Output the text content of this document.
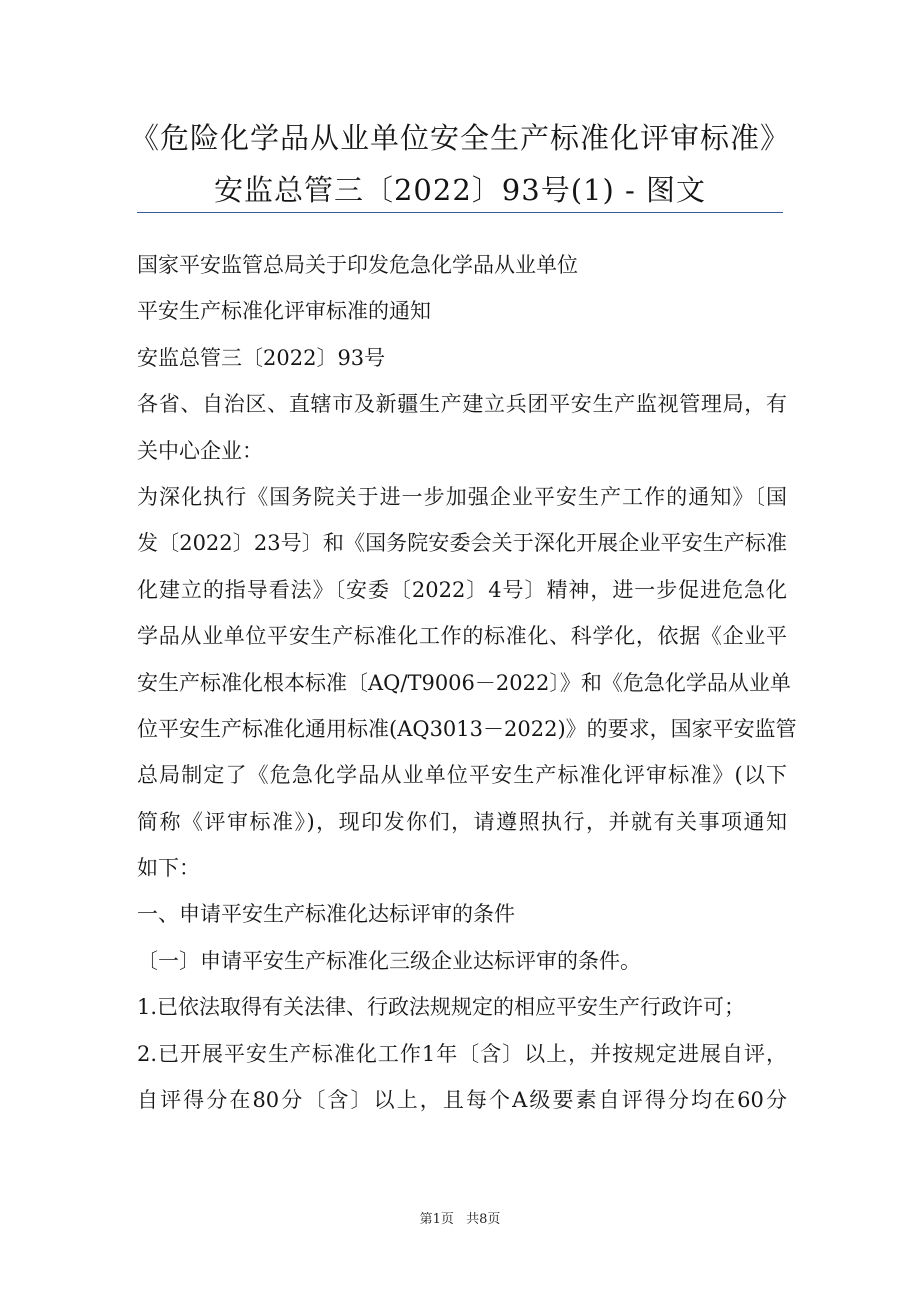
《危险化学品从业单位安全生产标准化评审标准》
安监总管三〔2022〕93号(1) - 图文
国家平安监管总局关于印发危急化学品从业单位
平安生产标准化评审标准的通知
安监总管三〔2022〕93号
各省、自治区、直辖市及新疆生产建立兵团平安生产监视管理局，有
关中心企业：
为深化执行《国务院关于进一步加强企业平安生产工作的通知》〔国
发〔2022〕23号〕和《国务院安委会关于深化开展企业平安生产标准
化建立的指导看法》〔安委〔2022〕4号〕精神，进一步促进危急化
学品从业单位平安生产标准化工作的标准化、科学化，依据《企业平
安生产标准化根本标准〔AQ/T9006－2022〕》和《危急化学品从业单
位平安生产标准化通用标准(AQ3013－2022)》的要求，国家平安监管
总局制定了《危急化学品从业单位平安生产标准化评审标准》(以下
简称《评审标准》)，现印发你们，请遵照执行，并就有关事项通知
如下：
一、申请平安生产标准化达标评审的条件
〔一〕申请平安生产标准化三级企业达标评审的条件。
1.已依法取得有关法律、行政法规规定的相应平安生产行政许可；
2.已开展平安生产标准化工作1年〔含〕以上，并按规定进展自评，
自评得分在80分〔含〕以上，且每个A级要素自评得分均在60分
第1页 共8页
